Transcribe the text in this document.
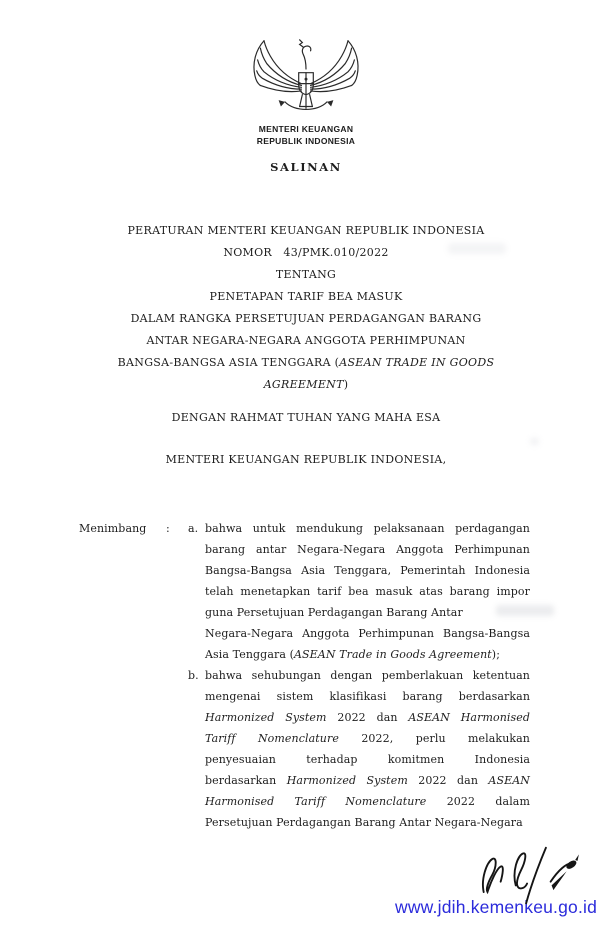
MENTERI KEUANGAN
REPUBLIK INDONESIA
SALINAN
PERATURAN MENTERI KEUANGAN REPUBLIK INDONESIA
NOMOR   43/PMK.010/2022
TENTANG
PENETAPAN TARIF BEA MASUK
DALAM RANGKA PERSETUJUAN PERDAGANGAN BARANG
ANTAR NEGARA-NEGARA ANGGOTA PERHIMPUNAN
BANGSA-BANGSA ASIA TENGGARA (ASEAN TRADE IN GOODS
AGREEMENT)
DENGAN RAHMAT TUHAN YANG MAHA ESA
MENTERI KEUANGAN REPUBLIK INDONESIA,
Menimbang : a. bahwa untuk mendukung pelaksanaan perdagangan
barang antar Negara-Negara Anggota Perhimpunan
Bangsa-Bangsa Asia Tenggara, Pemerintah Indonesia
telah menetapkan tarif bea masuk atas barang impor
guna Persetujuan Perdagangan Barang Antar
Negara-Negara Anggota Perhimpunan Bangsa-Bangsa
Asia Tenggara (ASEAN Trade in Goods Agreement);
b. bahwa sehubungan dengan pemberlakuan ketentuan
mengenai sistem klasifikasi barang berdasarkan
Harmonized System 2022 dan ASEAN Harmonised
Tariff Nomenclature 2022, perlu melakukan
penyesuaian terhadap komitmen Indonesia
berdasarkan Harmonized System 2022 dan ASEAN
Harmonised Tariff Nomenclature 2022 dalam
Persetujuan Perdagangan Barang Antar Negara-Negara
www.jdih.kemenkeu.go.id
